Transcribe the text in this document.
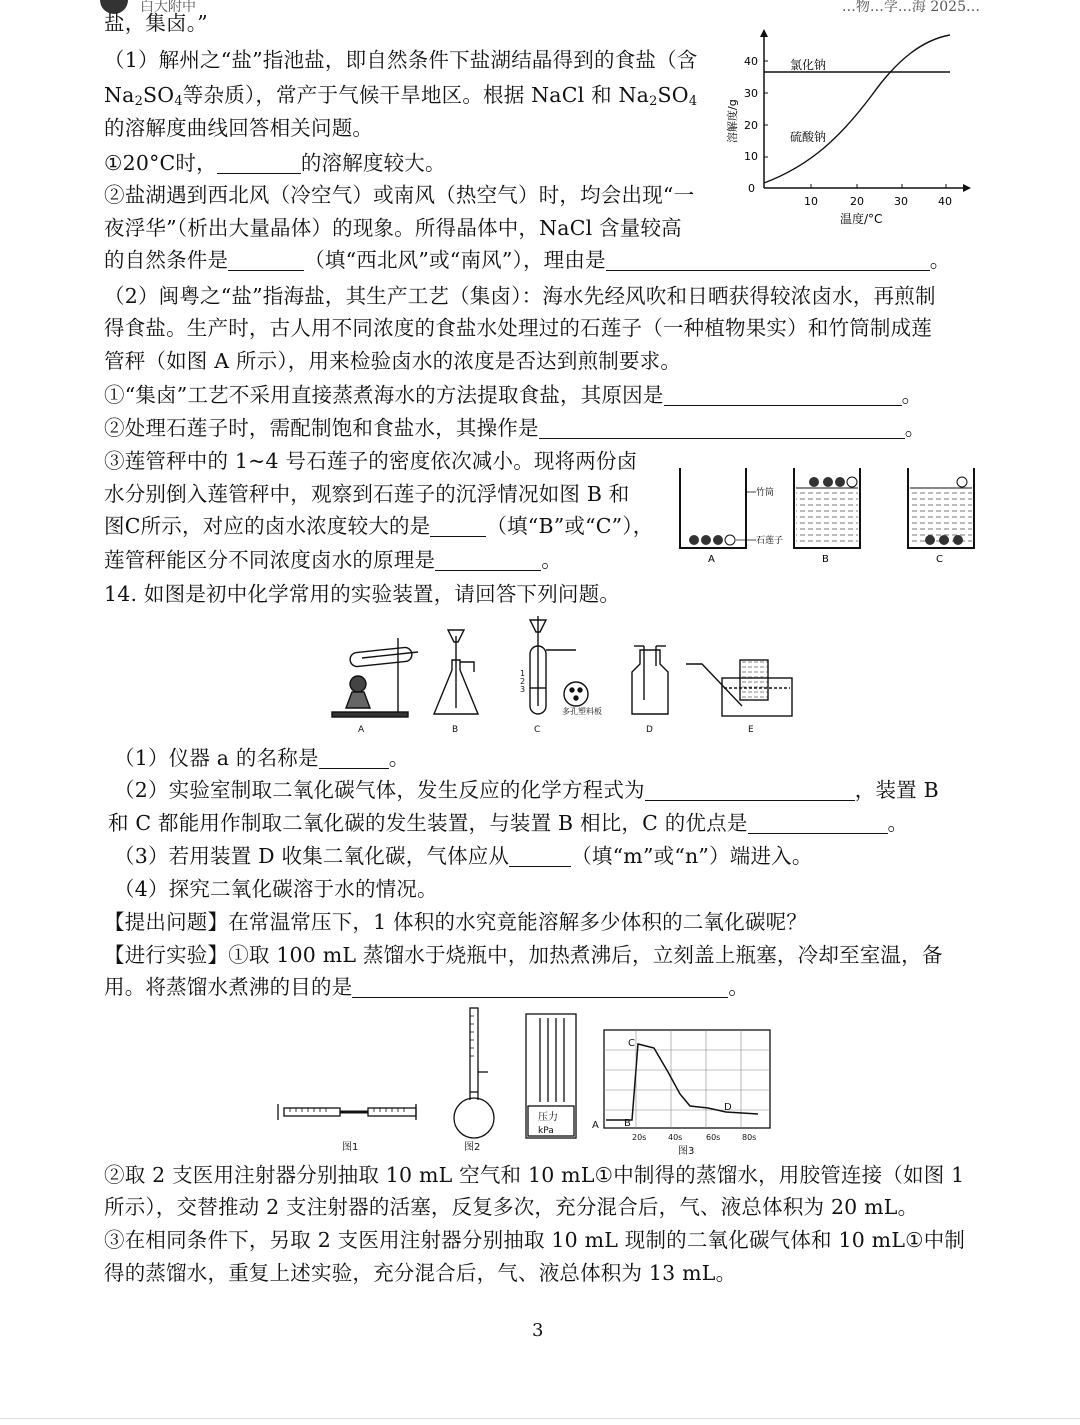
白大附中	…物…学…海 2025…
盐，集卤。”
（1）解州之“盐”指池盐，即自然条件下盐湖结晶得到的食盐（含
$Na_2SO_4$等杂质），常产于气候干旱地区。根据 NaCl 和 $Na_2SO_4$
的溶解度曲线回答相关问题。
①20°C时，	的溶解度较大。
②盐湖遇到西北风（冷空气）或南风（热空气）时，均会出现“一
夜浮华”（析出大量晶体）的现象。所得晶体中，NaCl 含量较高
的自然条件是	（填“西北风”或“南风”），理由是	。
（2）闽粤之“盐”指海盐，其生产工艺（集卤）：海水先经风吹和日晒获得较浓卤水，再煎制
得食盐。生产时，古人用不同浓度的食盐水处理过的石莲子（一种植物果实）和竹筒制成莲
管秤（如图 A 所示），用来检验卤水的浓度是否达到煎制要求。
①“集卤”工艺不采用直接蒸煮海水的方法提取食盐，其原因是	。
②处理石莲子时，需配制饱和食盐水，其操作是	。
③莲管秤中的 1~4 号石莲子的密度依次减小。现将两份卤
水分别倒入莲管秤中，观察到石莲子的沉浮情况如图 B 和
图C所示，对应的卤水浓度较大的是	（填“B”或“C”），
莲管秤能区分不同浓度卤水的原理是	。
14. 如图是初中化学常用的实验装置，请回答下列问题。
（1）仪器 a 的名称是	。
（2）实验室制取二氧化碳气体，发生反应的化学方程式为	，装置 B
和 C 都能用作制取二氧化碳的发生装置，与装置 B 相比，C 的优点是	。
（3）若用装置 D 收集二氧化碳，气体应从	（填“m”或“n”）端进入。
（4）探究二氧化碳溶于水的情况。
【提出问题】在常温常压下，1 体积的水究竟能溶解多少体积的二氧化碳呢？
【进行实验】①取 100 mL 蒸馏水于烧瓶中，加热煮沸后，立刻盖上瓶塞，冷却至室温，备
用。将蒸馏水煮沸的目的是	。
②取 2 支医用注射器分别抽取 10 mL 空气和 10 mL①中制得的蒸馏水，用胶管连接（如图 1
所示），交替推动 2 支注射器的活塞，反复多次，充分混合后，气、液总体积为 20 mL。
③在相同条件下，另取 2 支医用注射器分别抽取 10 mL 现制的二氧化碳气体和 10 mL①中制
得的蒸馏水，重复上述实验，充分混合后，气、液总体积为 13 mL。
0
10
20
30
40
10	20	30	40
氯化钠
硫酸钠
温度/°C
溶解度/g
竹筒
石莲子
A	B	C
A	B
1
2
3
多孔塑料板
C	D	E
图1	图2
压力
kPa	A	B
C
D
20s	40s	60s	80s
图3
3
